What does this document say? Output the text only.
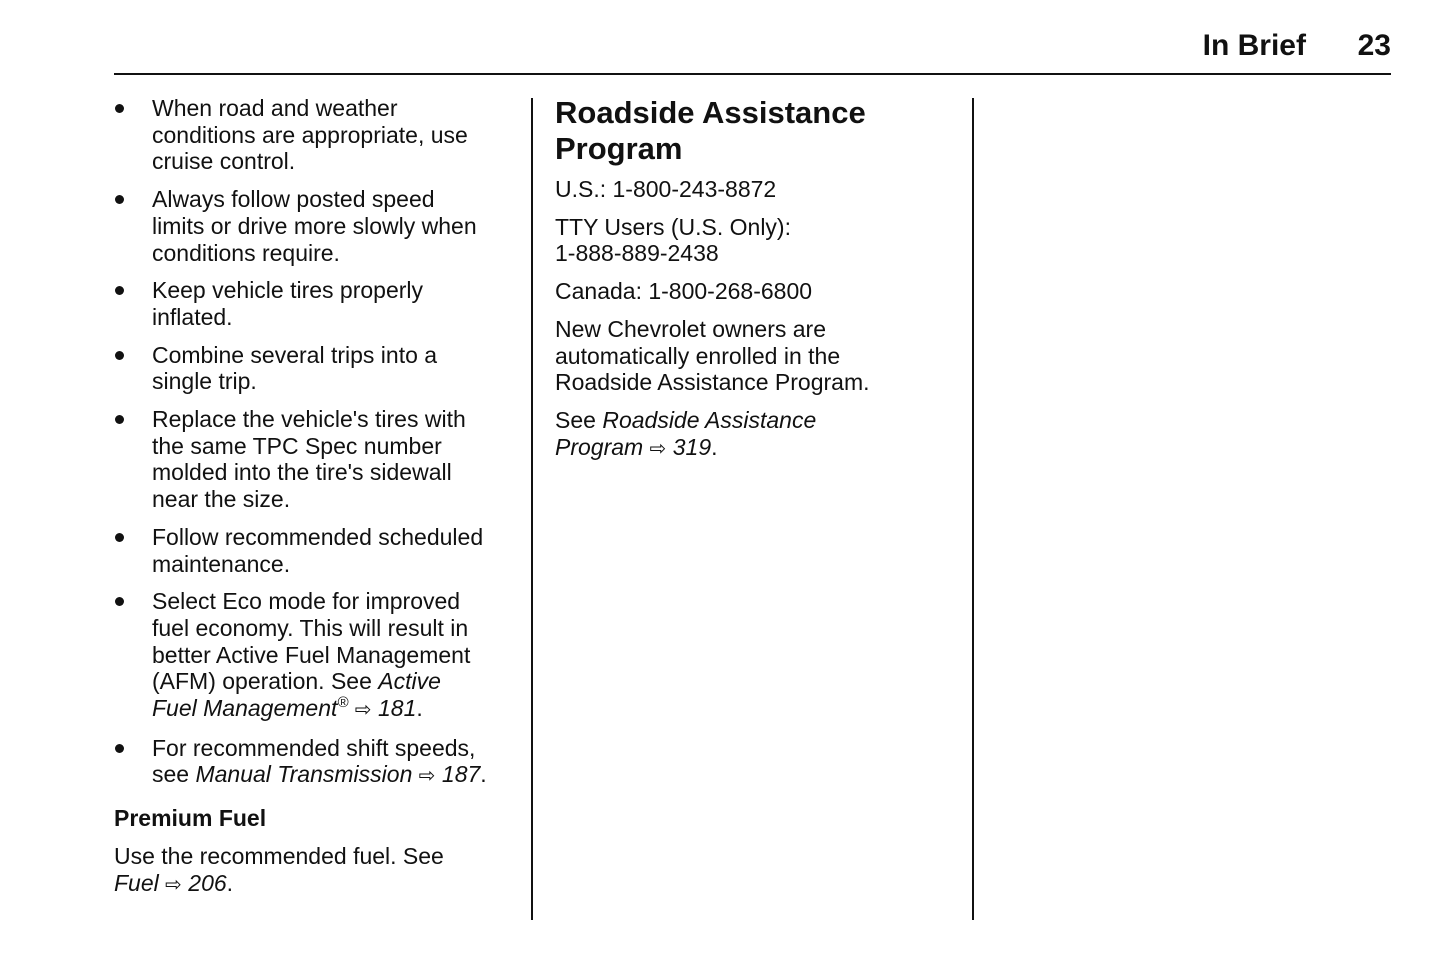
In Brief	23
When road and weather
conditions are appropriate, use
cruise control.
Always follow posted speed
limits or drive more slowly when
conditions require.
Keep vehicle tires properly
inflated.
Combine several trips into a
single trip.
Replace the vehicle's tires with
the same TPC Spec number
molded into the tire's sidewall
near the size.
Follow recommended scheduled
maintenance.
Select Eco mode for improved
fuel economy. This will result in
better Active Fuel Management
(AFM) operation. See Active
Fuel Management® ⇨ 181.
For recommended shift speeds,
see Manual Transmission ⇨ 187.
Premium Fuel
Use the recommended fuel. See
Fuel ⇨ 206.
Roadside Assistance
Program
U.S.: 1-800-243-8872
TTY Users (U.S. Only):
1-888-889-2438
Canada: 1-800-268-6800
New Chevrolet owners are
automatically enrolled in the
Roadside Assistance Program.
See Roadside Assistance
Program ⇨ 319.
